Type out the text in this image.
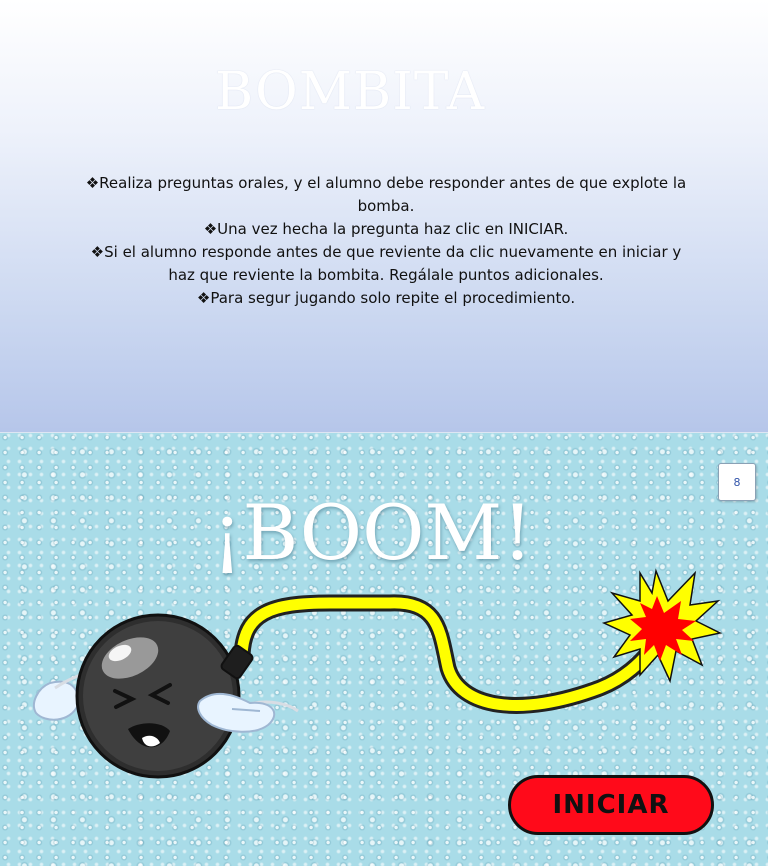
BOMBITA

❖Realiza preguntas orales, y el alumno debe responder antes de que explote la bomba.

❖Una vez hecha la pregunta haz clic en INICIAR.

❖Si el alumno responde antes de que reviente da clic nuevamente en iniciar y haz que reviente la bombita. Regálale puntos adicionales.

❖Para segur jugando solo repite el procedimiento.

¡BOOM!
8
INICIAR
